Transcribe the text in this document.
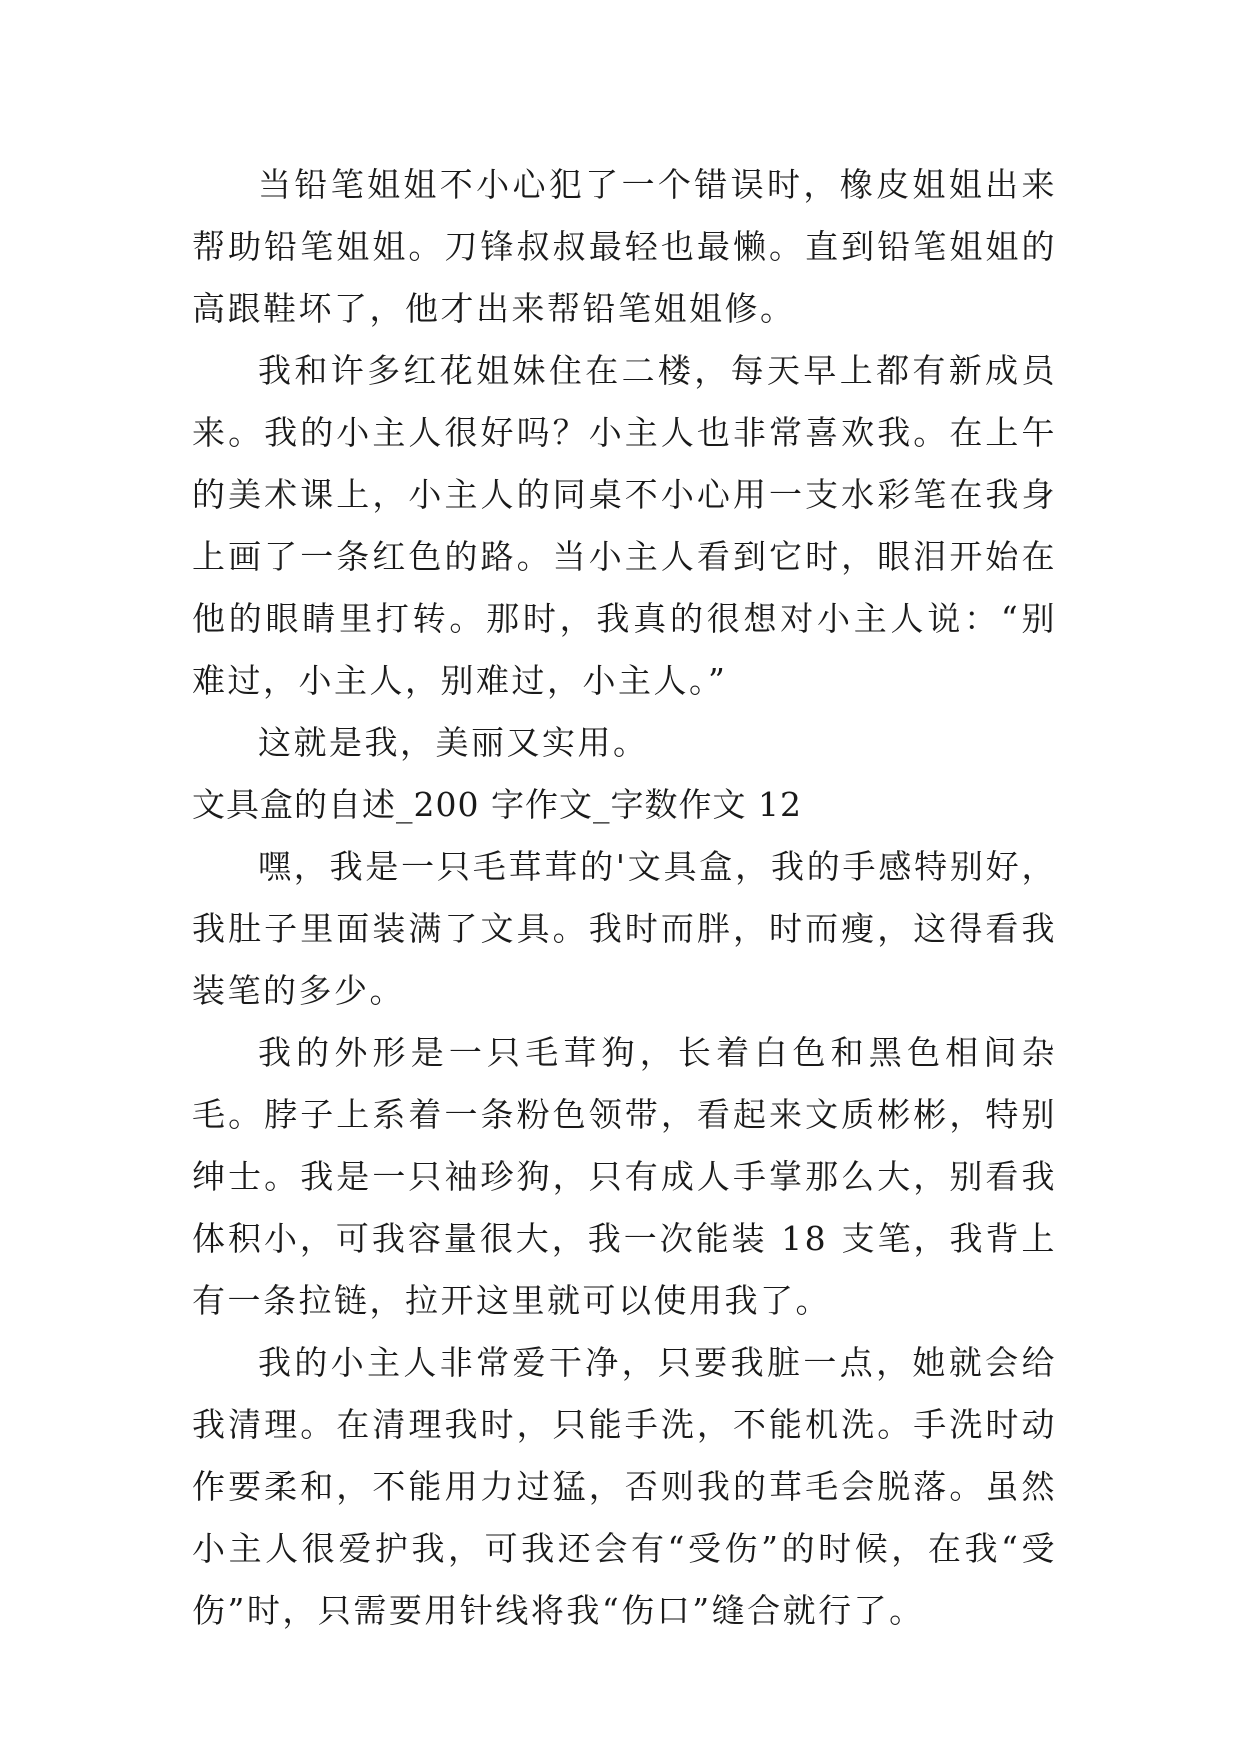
当铅笔姐姐不小心犯了一个错误时，橡皮姐姐出来帮助铅笔姐姐。刀锋叔叔最轻也最懒。直到铅笔姐姐的高跟鞋坏了，他才出来帮铅笔姐姐修。

我和许多红花姐妹住在二楼，每天早上都有新成员来。我的小主人很好吗？小主人也非常喜欢我。在上午的美术课上，小主人的同桌不小心用一支水彩笔在我身上画了一条红色的路。当小主人看到它时，眼泪开始在他的眼睛里打转。那时，我真的很想对小主人说：“别难过，小主人，别难过，小主人。”

这就是我，美丽又实用。

文具盒的自述_200 字作文_字数作文 12

嘿，我是一只毛茸茸的'文具盒，我的手感特别好，我肚子里面装满了文具。我时而胖，时而瘦，这得看我装笔的多少。

我的外形是一只毛茸狗，长着白色和黑色相间杂毛。脖子上系着一条粉色领带，看起来文质彬彬，特别绅士。我是一只袖珍狗，只有成人手掌那么大，别看我体积小，可我容量很大，我一次能装 18 支笔，我背上有一条拉链，拉开这里就可以使用我了。

我的小主人非常爱干净，只要我脏一点，她就会给我清理。在清理我时，只能手洗，不能机洗。手洗时动作要柔和，不能用力过猛，否则我的茸毛会脱落。虽然小主人很爱护我，可我还会有“受伤”的时候，在我“受伤”时，只需要用针线将我“伤口”缝合就行了。
